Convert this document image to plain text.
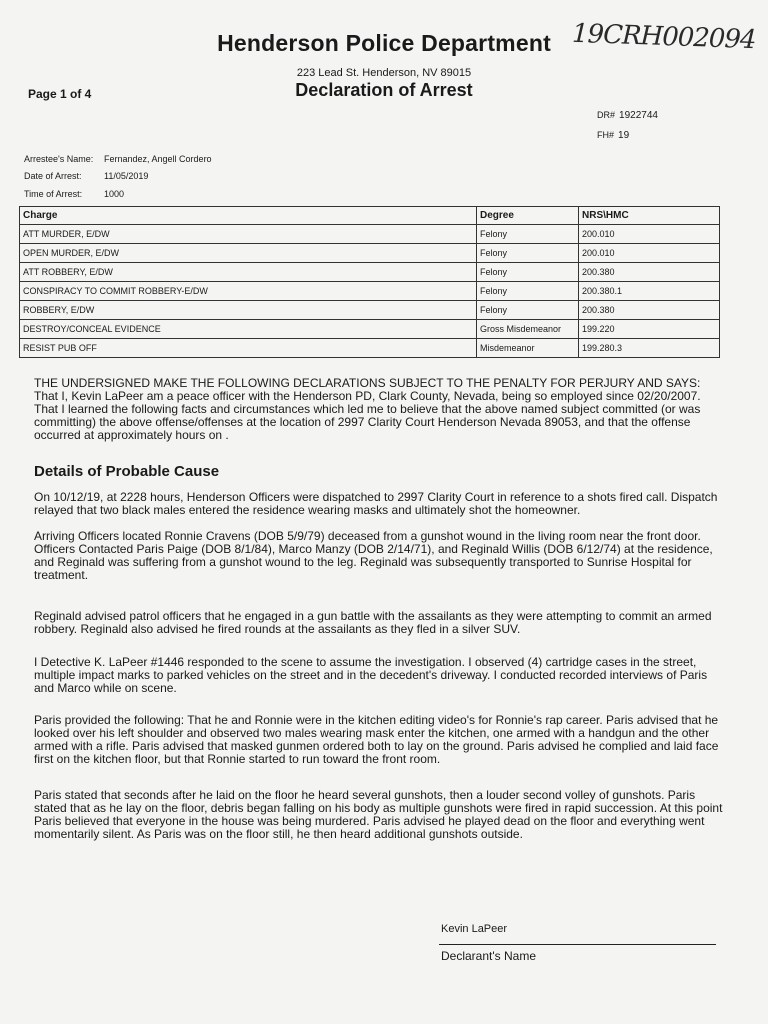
Henderson Police Department 19CRH002094
223 Lead St. Henderson, NV 89015
Declaration of Arrest
Page 1 of 4
DR# 1922744
FH# 19
Arrestee's Name: Fernandez, Angell Cordero
Date of Arrest: 11/05/2019
Time of Arrest: 1000
Charge	Degree	NRS\HMC
ATT MURDER, E/DW	Felony	200.010
OPEN MURDER, E/DW	Felony	200.010
ATT ROBBERY, E/DW	Felony	200.380
CONSPIRACY TO COMMIT ROBBERY-E/DW	Felony	200.380.1
ROBBERY, E/DW	Felony	200.380
DESTROY/CONCEAL EVIDENCE	Gross Misdemeanor	199.220
RESIST PUB OFF	Misdemeanor	199.280.3
THE UNDERSIGNED MAKE THE FOLLOWING DECLARATIONS SUBJECT TO THE PENALTY FOR PERJURY AND SAYS: That I, Kevin LaPeer am a peace officer with the Henderson PD, Clark County, Nevada, being so employed since 02/20/2007. That I learned the following facts and circumstances which led me to believe that the above named subject committed (or was committing) the above offense/offenses at the location of 2997 Clarity Court Henderson Nevada 89053, and that the offense occurred at approximately hours on .
Details of Probable Cause
On 10/12/19, at 2228 hours, Henderson Officers were dispatched to 2997 Clarity Court in reference to a shots fired call. Dispatch relayed that two black males entered the residence wearing masks and ultimately shot the homeowner.
Arriving Officers located Ronnie Cravens (DOB 5/9/79) deceased from a gunshot wound in the living room near the front door. Officers Contacted Paris Paige (DOB 8/1/84), Marco Manzy (DOB 2/14/71), and Reginald Willis (DOB 6/12/74) at the residence, and Reginald was suffering from a gunshot wound to the leg. Reginald was subsequently transported to Sunrise Hospital for treatment.
Reginald advised patrol officers that he engaged in a gun battle with the assailants as they were attempting to commit an armed robbery. Reginald also advised he fired rounds at the assailants as they fled in a silver SUV.
I Detective K. LaPeer #1446 responded to the scene to assume the investigation. I observed (4) cartridge cases in the street, multiple impact marks to parked vehicles on the street and in the decedent's driveway. I conducted recorded interviews of Paris and Marco while on scene.
Paris provided the following: That he and Ronnie were in the kitchen editing video's for Ronnie's rap career. Paris advised that he looked over his left shoulder and observed two males wearing mask enter the kitchen, one armed with a handgun and the other armed with a rifle. Paris advised that masked gunmen ordered both to lay on the ground. Paris advised he complied and laid face first on the kitchen floor, but that Ronnie started to run toward the front room.
Paris stated that seconds after he laid on the floor he heard several gunshots, then a louder second volley of gunshots. Paris stated that as he lay on the floor, debris began falling on his body as multiple gunshots were fired in rapid succession. At this point Paris believed that everyone in the house was being murdered. Paris advised he played dead on the floor and everything went momentarily silent. As Paris was on the floor still, he then heard additional gunshots outside.
Kevin LaPeer
Declarant's Name
